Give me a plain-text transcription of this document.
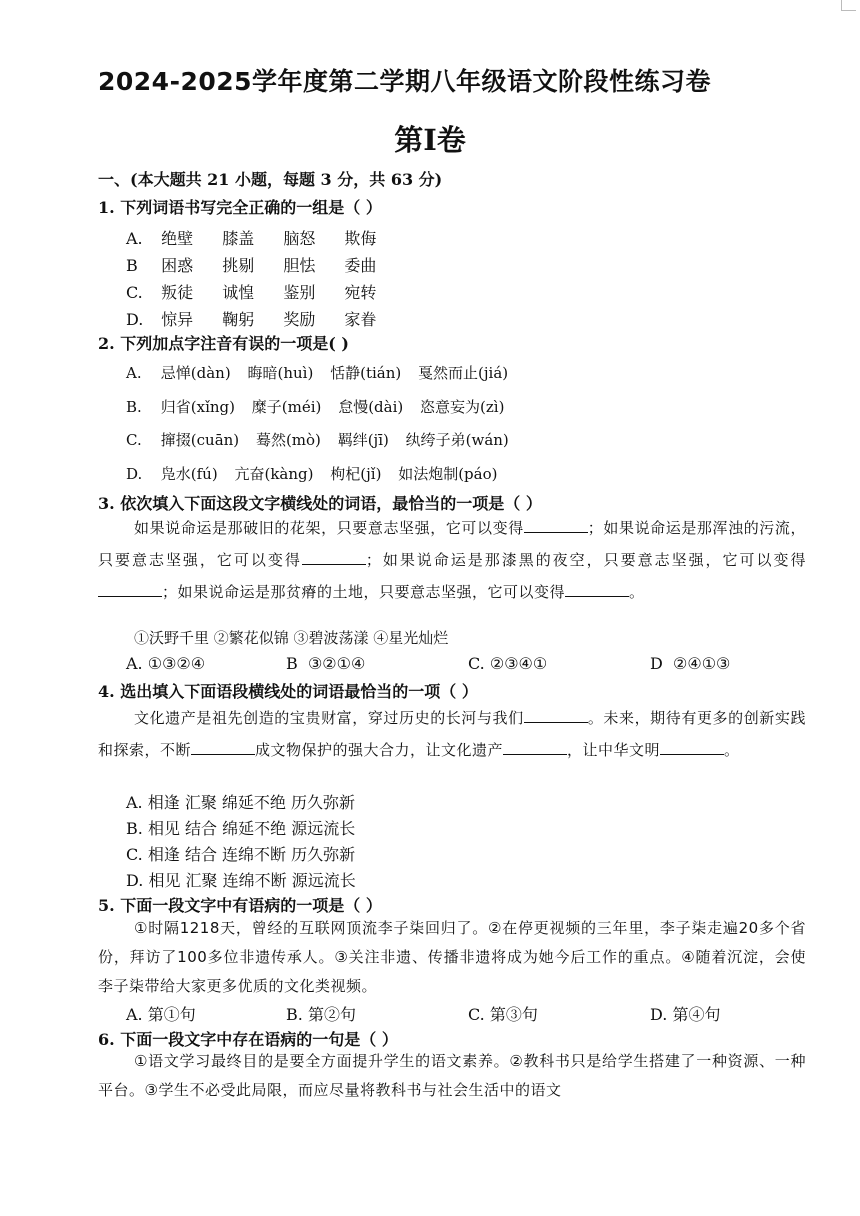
2024-2025学年度第二学期八年级语文阶段性练习卷
第Ⅰ卷
一、(本大题共 21 小题，每题 3 分，共 63 分)
1. 下列词语书写完全正确的一组是（ ）
A. 绝壁 膝盖 脑怒 欺侮
B 困惑 挑剔 胆怯 委曲
C. 叛徒 诚惶 鉴别 宛转
D. 惊异 鞠躬 奖励 家眷
2. 下列加点字注音有误的一项是( )
A. 忌惮(dàn) 晦暗(huì) 恬静(tián) 戛然而止(jiá)
B. 归省(xǐng) 糜子(méi) 怠慢(dài) 恣意妄为(zì)
C. 撺掇(cuān) 蓦然(mò) 羁绊(jī) 纨绔子弟(wán)
D. 凫水(fú) 亢奋(kàng) 枸杞(jǐ) 如法炮制(páo)
3. 依次填入下面这段文字横线处的词语，最恰当的一项是（ ）
如果说命运是那破旧的花架，只要意志坚强，它可以变得	；如果说命运是那浑浊的污流，只要意志坚强，它可以变得	；如果说命运是那漆黑的夜空，只要意志坚强，它可以变得；如果说命运是那贫瘠的土地，只要意志坚强，它可以变得	。
①沃野千里 ②繁花似锦 ③碧波荡漾 ④星光灿烂
A. ①③②④	B ③②①④	C. ②③④①	D ②④①③
4. 选出填入下面语段横线处的词语最恰当的一项（ ）
文化遗产是祖先创造的宝贵财富，穿过历史的长河与我们	。未来，期待有更多的创新实践和探索，不断	成文物保护的强大合力，让文化遗产	，让中华文明	。
A. 相逢 汇聚 绵延不绝 历久弥新
B. 相见 结合 绵延不绝 源远流长
C. 相逢 结合 连绵不断 历久弥新
D. 相见 汇聚 连绵不断 源远流长
5. 下面一段文字中有语病的一项是（ ）
①时隔1218天，曾经的互联网顶流李子柒回归了。②在停更视频的三年里，李子柒走遍20多个省份，拜访了100多位非遗传承人。③关注非遗、传播非遗将成为她今后工作的重点。④随着沉淀，会使李子柒带给大家更多优质的文化类视频。
A. 第①句	B. 第②句	C. 第③句	D. 第④句
6. 下面一段文字中存在语病的一句是（ ）
①语文学习最终目的是要全方面提升学生的语文素养。②教科书只是给学生搭建了一种资源、一种平台。③学生不必受此局限，而应尽量将教科书与社会生活中的语文
